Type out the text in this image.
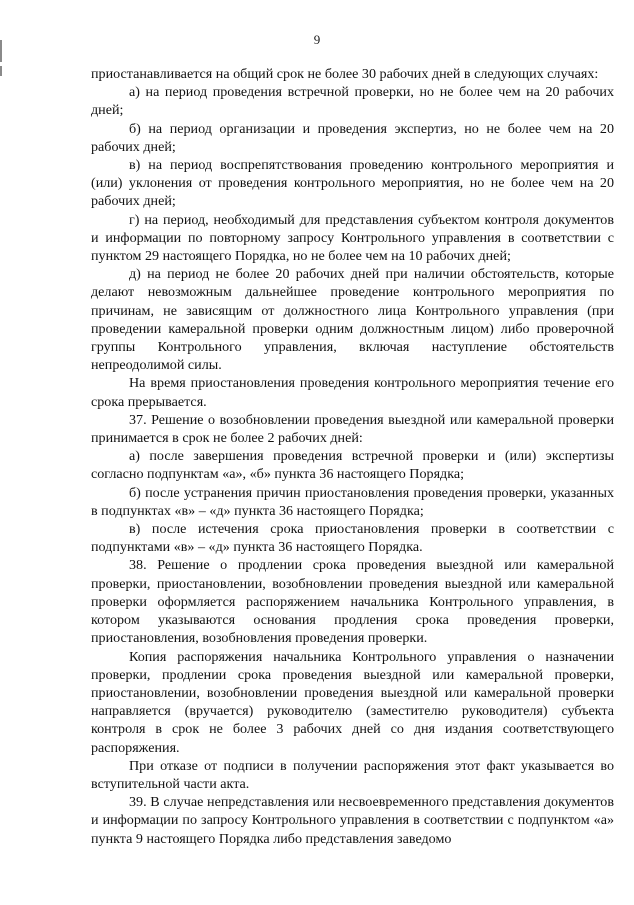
9

приостанавливается на общий срок не более 30 рабочих дней в следующих случаях:

а) на период проведения встречной проверки, но не более чем на 20 рабочих дней;

б) на период организации и проведения экспертиз, но не более чем на 20 рабочих дней;

в) на период воспрепятствования проведению контрольного мероприятия и (или) уклонения от проведения контрольного мероприятия, но не более чем на 20 рабочих дней;

г) на период, необходимый для представления субъектом контроля документов и информации по повторному запросу Контрольного управления в соответствии с пунктом 29 настоящего Порядка, но не более чем на 10 рабочих дней;

д) на период не более 20 рабочих дней при наличии обстоятельств, которые делают невозможным дальнейшее проведение контрольного мероприятия по причинам, не зависящим от должностного лица Контрольного управления (при проведении камеральной проверки одним должностным лицом) либо проверочной группы Контрольного управления, включая наступление обстоятельств непреодолимой силы.

На время приостановления проведения контрольного мероприятия течение его срока прерывается.

37. Решение о возобновлении проведения выездной или камеральной проверки принимается в срок не более 2 рабочих дней:

а) после завершения проведения встречной проверки и (или) экспертизы согласно подпунктам «а», «б» пункта 36 настоящего Порядка;

б) после устранения причин приостановления проведения проверки, указанных в подпунктах «в» – «д» пункта 36 настоящего Порядка;

в) после истечения срока приостановления проверки в соответствии с подпунктами «в» – «д» пункта 36 настоящего Порядка.

38. Решение о продлении срока проведения выездной или камеральной проверки, приостановлении, возобновлении проведения выездной или камеральной проверки оформляется распоряжением начальника Контрольного управления, в котором указываются основания продления срока проведения проверки, приостановления, возобновления проведения проверки.

Копия распоряжения начальника Контрольного управления о назначении проверки, продлении срока проведения выездной или камеральной проверки, приостановлении, возобновлении проведения выездной или камеральной проверки направляется (вручается) руководителю (заместителю руководителя) субъекта контроля в срок не более 3 рабочих дней со дня издания соответствующего распоряжения.

При отказе от подписи в получении распоряжения этот факт указывается во вступительной части акта.

39. В случае непредставления или несвоевременного представления документов и информации по запросу Контрольного управления в соответствии с подпунктом «а» пункта 9 настоящего Порядка либо представления заведомо
